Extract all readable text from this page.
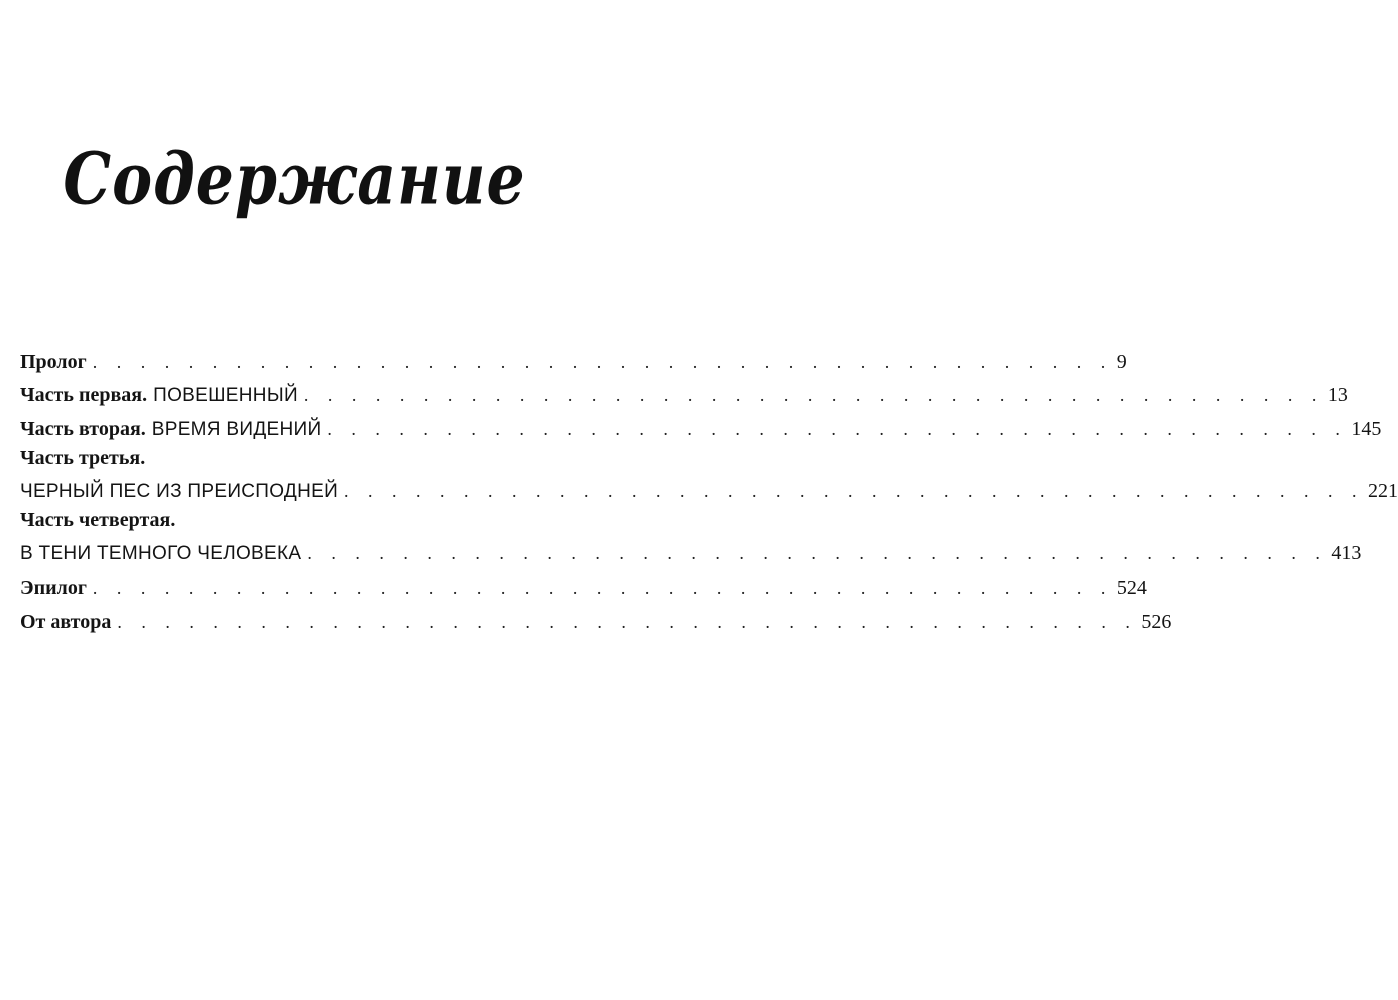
Содержание
Пролог . . . . . . . . . . . . . . . . . . . . . . . . . . . . . . . . . . . . . . . . . . . 9
Часть первая. ПОВЕШЕННЫЙ . . . . . . . . . . . . . . . . . . . . . . . . . . . . . . . . . . . . . . . . . . . 13
Часть вторая. ВРЕМЯ ВИДЕНИЙ . . . . . . . . . . . . . . . . . . . . . . . . . . . . . . . . . . . . . . . . . . . 145
Часть третья.
ЧЕРНЫЙ ПЕС ИЗ ПРЕИСПОДНЕЙ . . . . . . . . . . . . . . . . . . . . . . . . . . . . . . . . . . . . . . . . . . . 221
Часть четвертая.
В ТЕНИ ТЕМНОГО ЧЕЛОВЕКА . . . . . . . . . . . . . . . . . . . . . . . . . . . . . . . . . . . . . . . . . . . 413
Эпилог . . . . . . . . . . . . . . . . . . . . . . . . . . . . . . . . . . . . . . . . . . . 524
От автора . . . . . . . . . . . . . . . . . . . . . . . . . . . . . . . . . . . . . . . . . . . 526
